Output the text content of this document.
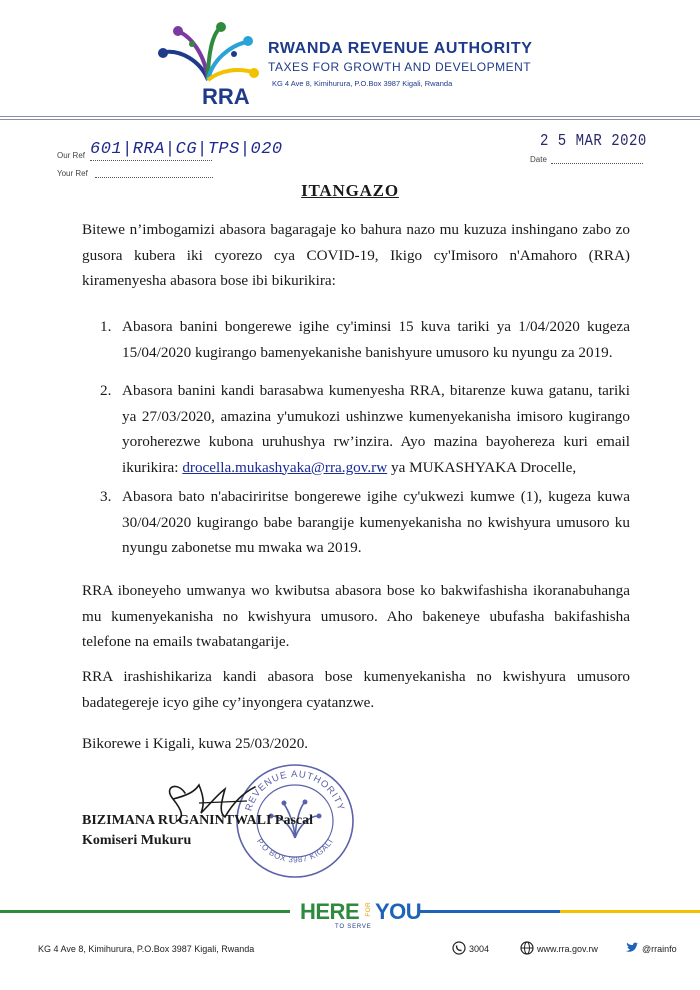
RRA
RWANDA REVENUE AUTHORITY
TAXES FOR GROWTH AND DEVELOPMENT
KG 4 Ave 8, Kimihurura, P.O.Box 3987 Kigali, Rwanda
Our Ref 601|RRA|CG|TPS|020
Your Ref
Date
2 5 MAR 2020
ITANGAZO
Bitewe n’imbogamizi abasora bagaragaje ko bahura nazo mu kuzuza inshingano zabo zo gusora kubera iki cyorezo cya COVID-19, Ikigo cy'Imisoro n'Amahoro (RRA) kiramenyesha abasora bose ibi bikurikira:
1. Abasora banini bongerewe igihe cy'iminsi 15 kuva tariki ya 1/04/2020 kugeza 15/04/2020 kugirango bamenyekanishe banishyure umusoro ku nyungu za 2019.
2. Abasora banini kandi barasabwa kumenyesha RRA, bitarenze kuwa gatanu, tariki ya 27/03/2020, amazina y'umukozi ushinzwe kumenyekanisha imisoro kugirango yoroherezwe kubona uruhushya rw’inzira. Ayo mazina bayohereza kuri email ikurikira: drocella.mukashyaka@rra.gov.rw ya MUKASHYAKA Drocelle,
3. Abasora bato n'abaciriritse bongerewe igihe cy'ukwezi kumwe (1), kugeza kuwa 30/04/2020 kugirango babe barangije kumenyekanisha no kwishyura umusoro ku nyungu zabonetse mu mwaka wa 2019.
RRA iboneyeho umwanya wo kwibutsa abasora bose ko bakwifashisha ikoranabuhanga mu kumenyekanisha no kwishyura umusoro. Aho bakeneye ubufasha bakifashisha telefone na emails twabatangarije.
RRA irashishikariza kandi abasora bose kumenyekanisha no kwishyura umusoro badategereje icyo gihe cy’inyongera cyatanzwe.
Bikorewe i Kigali, kuwa 25/03/2020.
REVENUE AUTHORITY
P.O BOX 3987 KIGALI
BIZIMANA RUGANINTWALI Pascal
Komiseri Mukuru
HERE FOR YOU
TO SERVE
KG 4 Ave 8, Kimihurura, P.O.Box 3987 Kigali, Rwanda	3004	www.rra.gov.rw	@rrainfo
